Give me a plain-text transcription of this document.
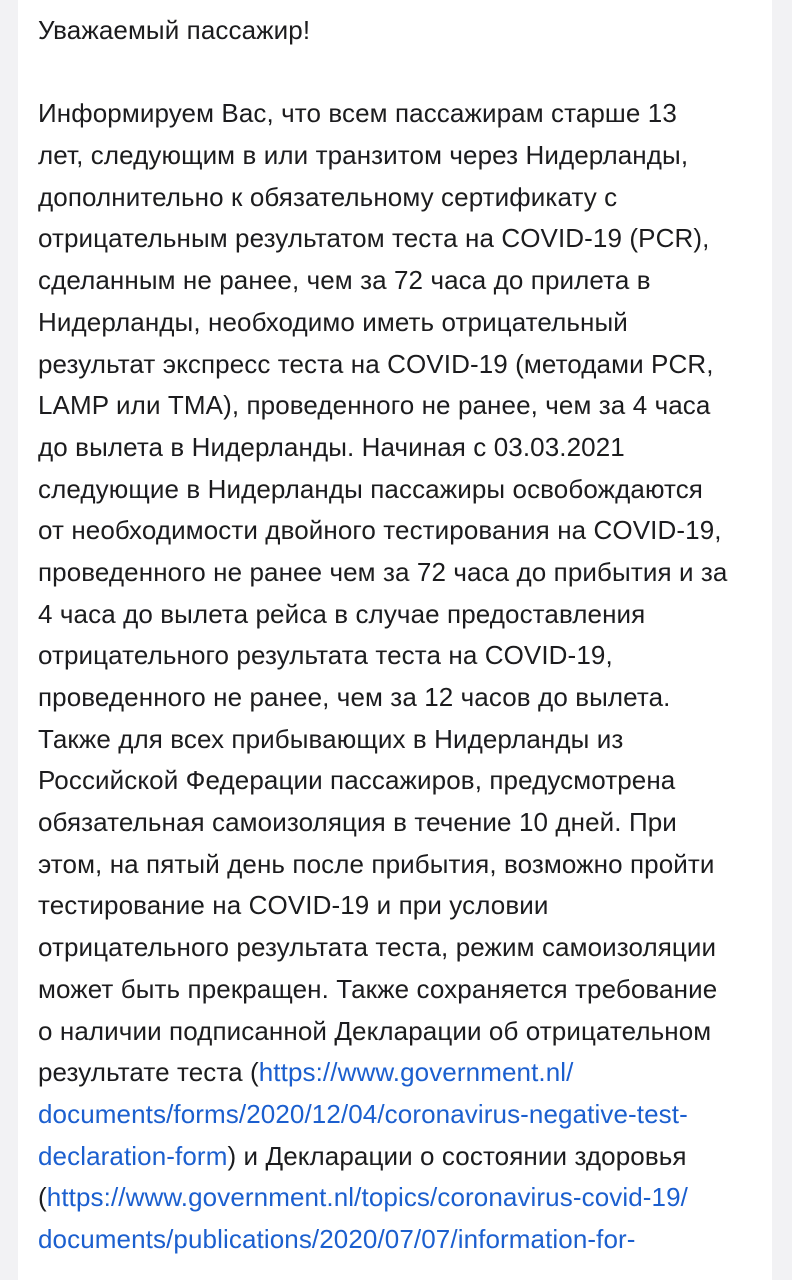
Уважаемый пассажир!
Информируем Вас, что всем пассажирам старше 13
лет, следующим в или транзитом через Нидерланды,
дополнительно к обязательному сертификату с
отрицательным результатом теста на COVID-19 (PCR),
сделанным не ранее, чем за 72 часа до прилета в
Нидерланды, необходимо иметь отрицательный
результат экспресс теста на COVID-19 (методами PCR,
LAMP или TMA), проведенного не ранее, чем за 4 часа
до вылета в Нидерланды. Начиная с 03.03.2021
следующие в Нидерланды пассажиры освобождаются
от необходимости двойного тестирования на COVID-19,
проведенного не ранее чем за 72 часа до прибытия и за
4 часа до вылета рейса в случае предоставления
отрицательного результата теста на COVID-19,
проведенного не ранее, чем за 12 часов до вылета.
Также для всех прибывающих в Нидерланды из
Российской Федерации пассажиров, предусмотрена
обязательная самоизоляция в течение 10 дней. При
этом, на пятый день после прибытия, возможно пройти
тестирование на COVID-19 и при условии
отрицательного результата теста, режим самоизоляции
может быть прекращен. Также сохраняется требование
о наличии подписанной Декларации об отрицательном
результате теста (https://www.government.nl/
documents/forms/2020/12/04/coronavirus-negative-test-
declaration-form) и Декларации о состоянии здоровья
(https://www.government.nl/topics/coronavirus-covid-19/
documents/publications/2020/07/07/information-for-
